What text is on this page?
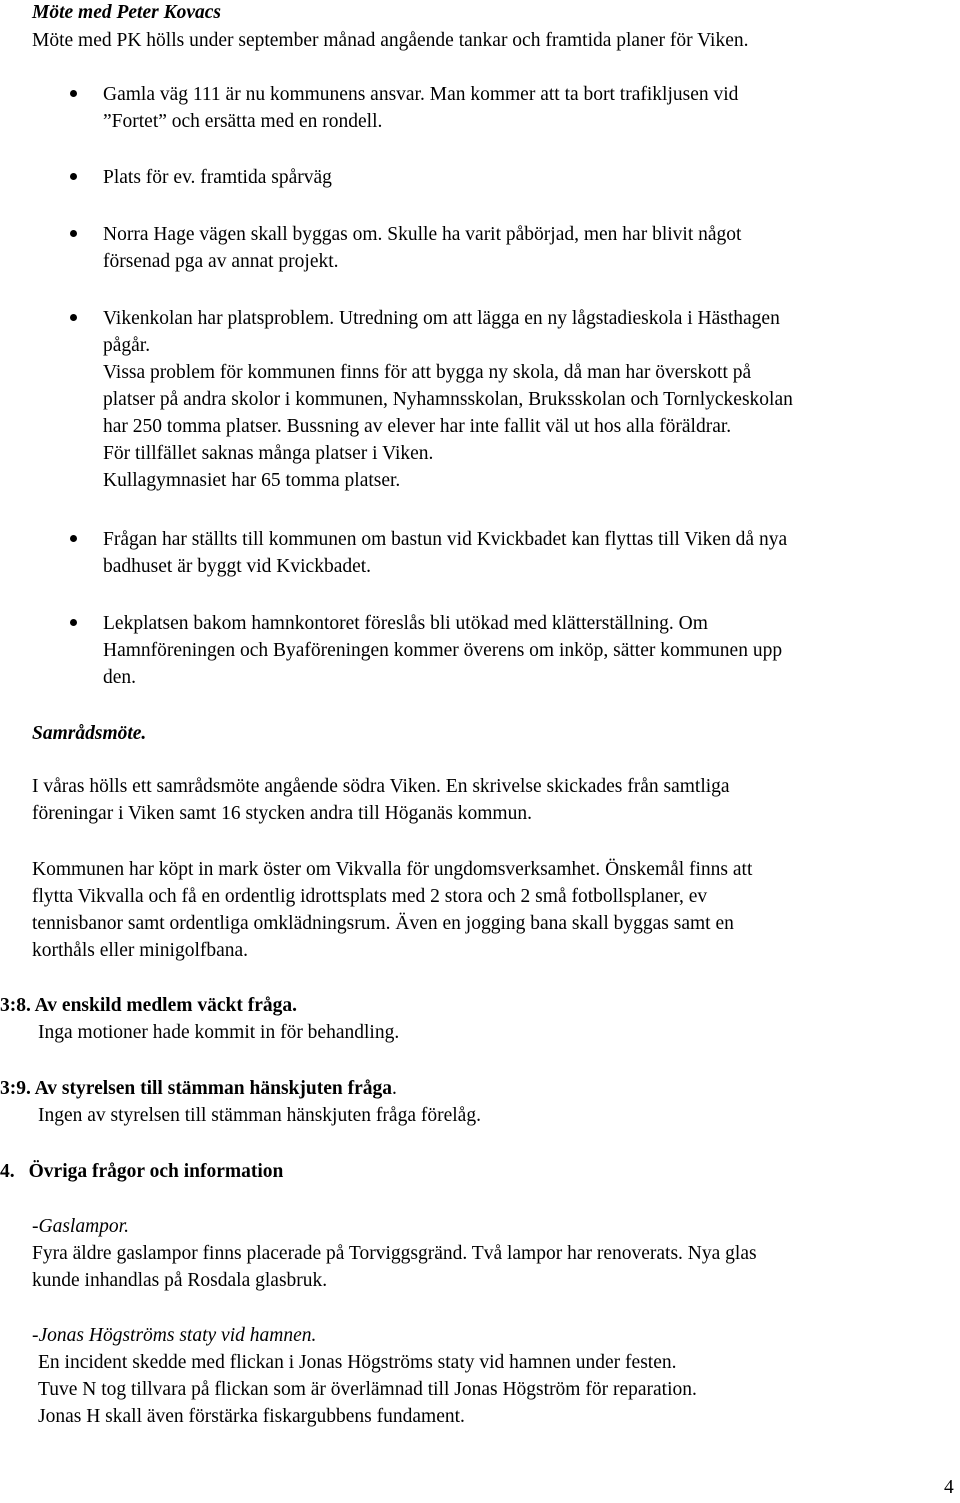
Möte med Peter Kovacs
Möte med PK hölls under september månad angående tankar och framtida planer för Viken.
Gamla väg 111 är nu kommunens ansvar. Man kommer att ta bort trafikljusen vid
”Fortet” och ersätta med en rondell.
Plats för ev. framtida spårväg
Norra Hage vägen skall byggas om. Skulle ha varit påbörjad, men har blivit något
försenad pga av annat projekt.
Vikenkolan har platsproblem. Utredning om att lägga en ny lågstadieskola i Hästhagen
pågår.
Vissa problem för kommunen finns för att bygga ny skola, då man har överskott på
platser på andra skolor i kommunen, Nyhamnsskolan, Bruksskolan och Tornlyckeskolan
har 250 tomma platser. Bussning av elever har inte fallit väl ut hos alla föräldrar.
För tillfället saknas många platser i Viken.
Kullagymnasiet har 65 tomma platser.
Frågan har ställts till kommunen om bastun vid Kvickbadet kan flyttas till Viken då nya
badhuset är byggt vid Kvickbadet.
Lekplatsen bakom hamnkontoret föreslås bli utökad med klätterställning. Om
Hamnföreningen och Byaföreningen kommer överens om inköp, sätter kommunen upp
den.
Samrådsmöte.
I våras hölls ett samrådsmöte angående södra Viken. En skrivelse skickades från samtliga
föreningar i Viken samt 16 stycken andra till Höganäs kommun.
Kommunen har köpt in mark öster om Vikvalla för ungdomsverksamhet. Önskemål finns att
flytta Vikvalla och få en ordentlig idrottsplats med 2 stora och 2 små fotbollsplaner, ev
tennisbanor samt ordentliga omklädningsrum. Även en jogging bana skall byggas samt en
korthåls eller minigolfbana.
3:8. Av enskild medlem väckt fråga.
Inga motioner hade kommit in för behandling.
3:9. Av styrelsen till stämman hänskjuten fråga.
Ingen av styrelsen till stämman hänskjuten fråga förelåg.
4. Övriga frågor och information
-Gaslampor.
Fyra äldre gaslampor finns placerade på Torviggsgränd. Två lampor har renoverats. Nya glas
kunde inhandlas på Rosdala glasbruk.
-Jonas Högströms staty vid hamnen.
En incident skedde med flickan i Jonas Högströms staty vid hamnen under festen.
Tuve N tog tillvara på flickan som är överlämnad till Jonas Högström för reparation.
Jonas H skall även förstärka fiskargubbens fundament.
4
